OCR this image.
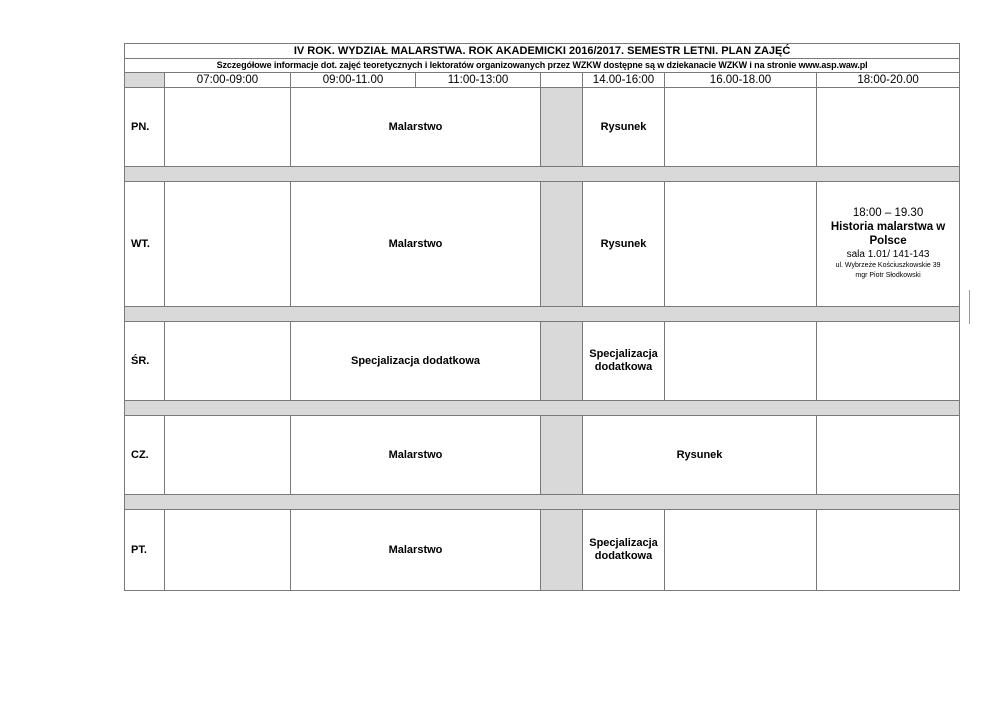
IV ROK. WYDZIAŁ MALARSTWA. ROK AKADEMICKI 2016/2017. SEMESTR LETNI. PLAN ZAJĘĆ							
Szczegółowe informacje dot. zajęć teoretycznych i lektoratów organizowanych przez WZKW dostępne są w dziekanacie WZKW i na stronie www.asp.waw.pl							
	07:00-09:00	09:00-11.00	11:00-13:00		14.00-16:00	16.00-18.00	18:00-20.00
PN.		Malarstwo			Rysunek		

WT.		Malarstwo			Rysunek		18:00 – 19.30
Historia malarstwa w Polsce
sala 1.01/ 141-143
ul. Wybrzeże Kościuszkowskie 39
mgr Piotr Słodkowski

ŚR.		Specjalizacja dodatkowa			Specjalizacja dodatkowa		

CZ.		Malarstwo			Rysunek		

PT.		Malarstwo			Specjalizacja dodatkowa		
